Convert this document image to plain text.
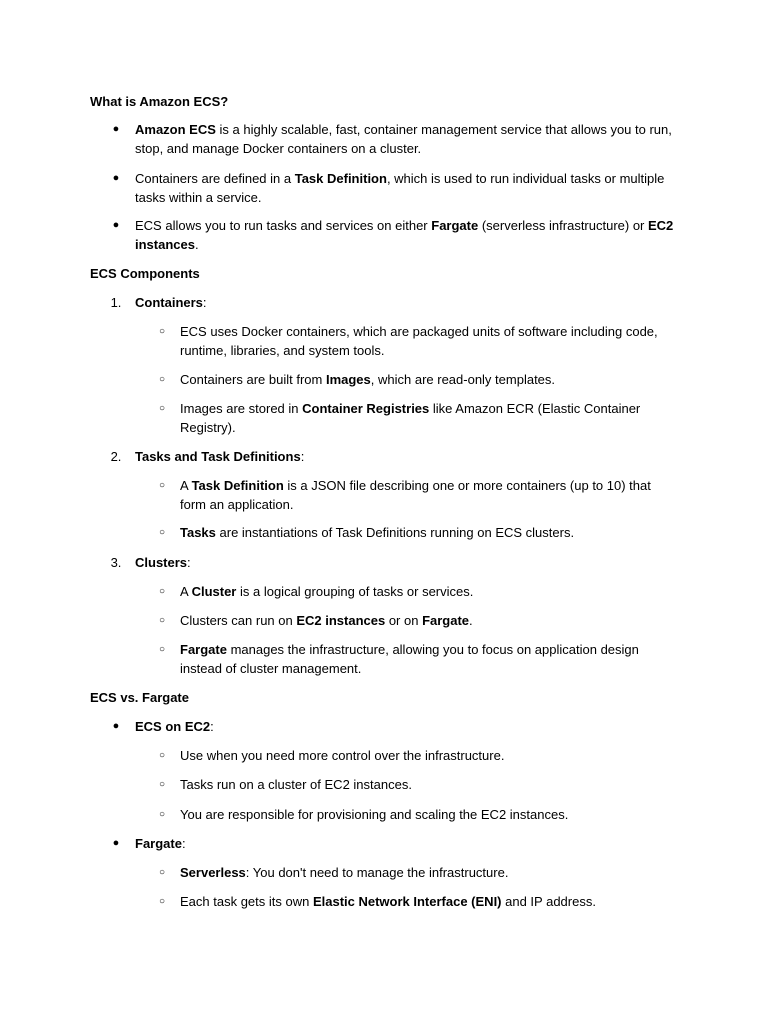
What is Amazon ECS?
●	Amazon ECS is a highly scalable, fast, container management service that allows you to run, stop, and manage Docker containers on a cluster.
●	Containers are defined in a Task Definition, which is used to run individual tasks or multiple tasks within a service.
●	ECS allows you to run tasks and services on either Fargate (serverless infrastructure) or EC2 instances.
ECS Components
1.	Containers:
○	ECS uses Docker containers, which are packaged units of software including code, runtime, libraries, and system tools.
○	Containers are built from Images, which are read-only templates.
○	Images are stored in Container Registries like Amazon ECR (Elastic Container Registry).
2.	Tasks and Task Definitions:
○	A Task Definition is a JSON file describing one or more containers (up to 10) that form an application.
○	Tasks are instantiations of Task Definitions running on ECS clusters.
3.	Clusters:
○	A Cluster is a logical grouping of tasks or services.
○	Clusters can run on EC2 instances or on Fargate.
○	Fargate manages the infrastructure, allowing you to focus on application design instead of cluster management.
ECS vs. Fargate
●	ECS on EC2:
○	Use when you need more control over the infrastructure.
○	Tasks run on a cluster of EC2 instances.
○	You are responsible for provisioning and scaling the EC2 instances.
●	Fargate:
○	Serverless: You don't need to manage the infrastructure.
○	Each task gets its own Elastic Network Interface (ENI) and IP address.
